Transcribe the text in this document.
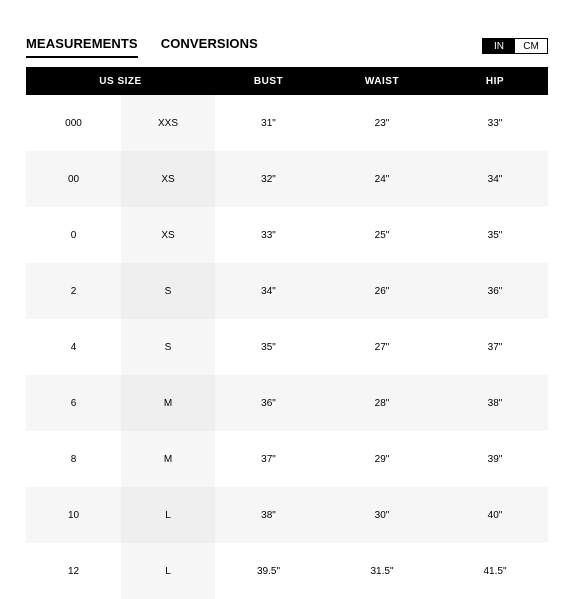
MEASUREMENTS CONVERSIONS	IN	CM
US SIZE	BUST	WAIST	HIP
000	XXS	31"	23"	33"
00	XS	32"	24"	34"
0	XS	33"	25"	35"
2	S	34"	26"	36"
4	S	35"	27"	37"
6	M	36"	28"	38"
8	M	37"	29"	39"
10	L	38"	30"	40"
12	L	39.5"	31.5"	41.5"
